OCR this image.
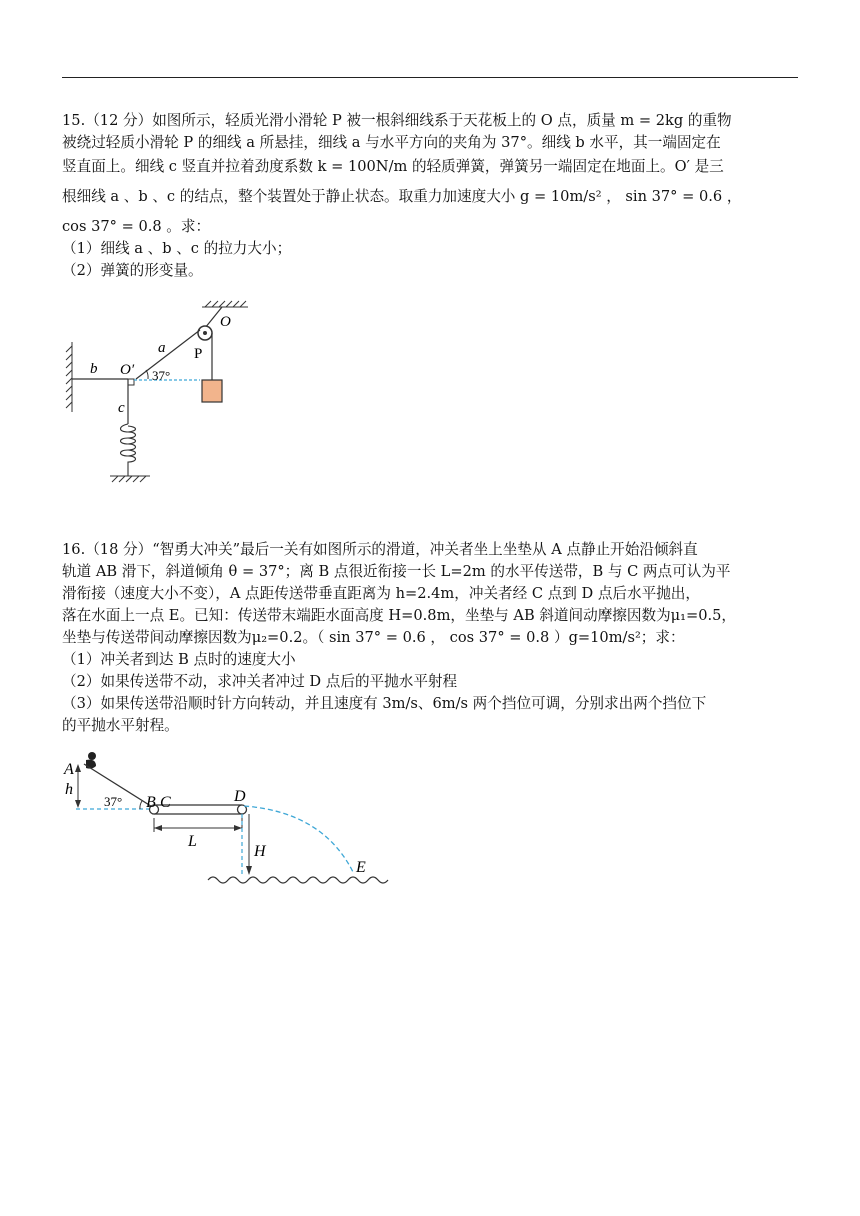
15.（12 分）如图所示，轻质光滑小滑轮 P 被一根斜细线系于天花板上的 O 点，质量 m = 2kg 的重物

被绕过轻质小滑轮 P 的细线 a 所悬挂，细线 a 与水平方向的夹角为 37°。细线 b 水平，其一端固定在

竖直面上。细线 c 竖直并拉着劲度系数 k = 100N/m 的轻质弹簧，弹簧另一端固定在地面上。O′ 是三

根细线 a 、b 、c 的结点，整个装置处于静止状态。取重力加速度大小 g = 10m/s² ， sin 37° = 0.6 ，

cos 37° = 0.8 。求：

（1）细线 a 、b 、c 的拉力大小；

（2）弹簧的形变量。

O
P
a
b O′ 37°
c

16.（18 分）“智勇大冲关”最后一关有如图所示的滑道，冲关者坐上坐垫从 A 点静止开始沿倾斜直

轨道 AB 滑下，斜道倾角 θ = 37°；离 B 点很近衔接一长 L=2m 的水平传送带，B 与 C 两点可认为平

滑衔接（速度大小不变），A 点距传送带垂直距离为 h=2.4m，冲关者经 C 点到 D 点后水平抛出，

落在水面上一点 E。已知：传送带末端距水面高度 H=0.8m，坐垫与 AB 斜道间动摩擦因数为μ₁=0.5，

坐垫与传送带间动摩擦因数为μ₂=0.2。（ sin 37° = 0.6 ， cos 37° = 0.8 ）g=10m/s²；求：

（1）冲关者到达 B 点时的速度大小

（2）如果传送带不动，求冲关者冲过 D 点后的平抛水平射程

（3）如果传送带沿顺时针方向转动，并且速度有 3m/s、6m/s 两个挡位可调，分别求出两个挡位下

的平抛水平射程。

A
h
37° B C	D
L
H
E
